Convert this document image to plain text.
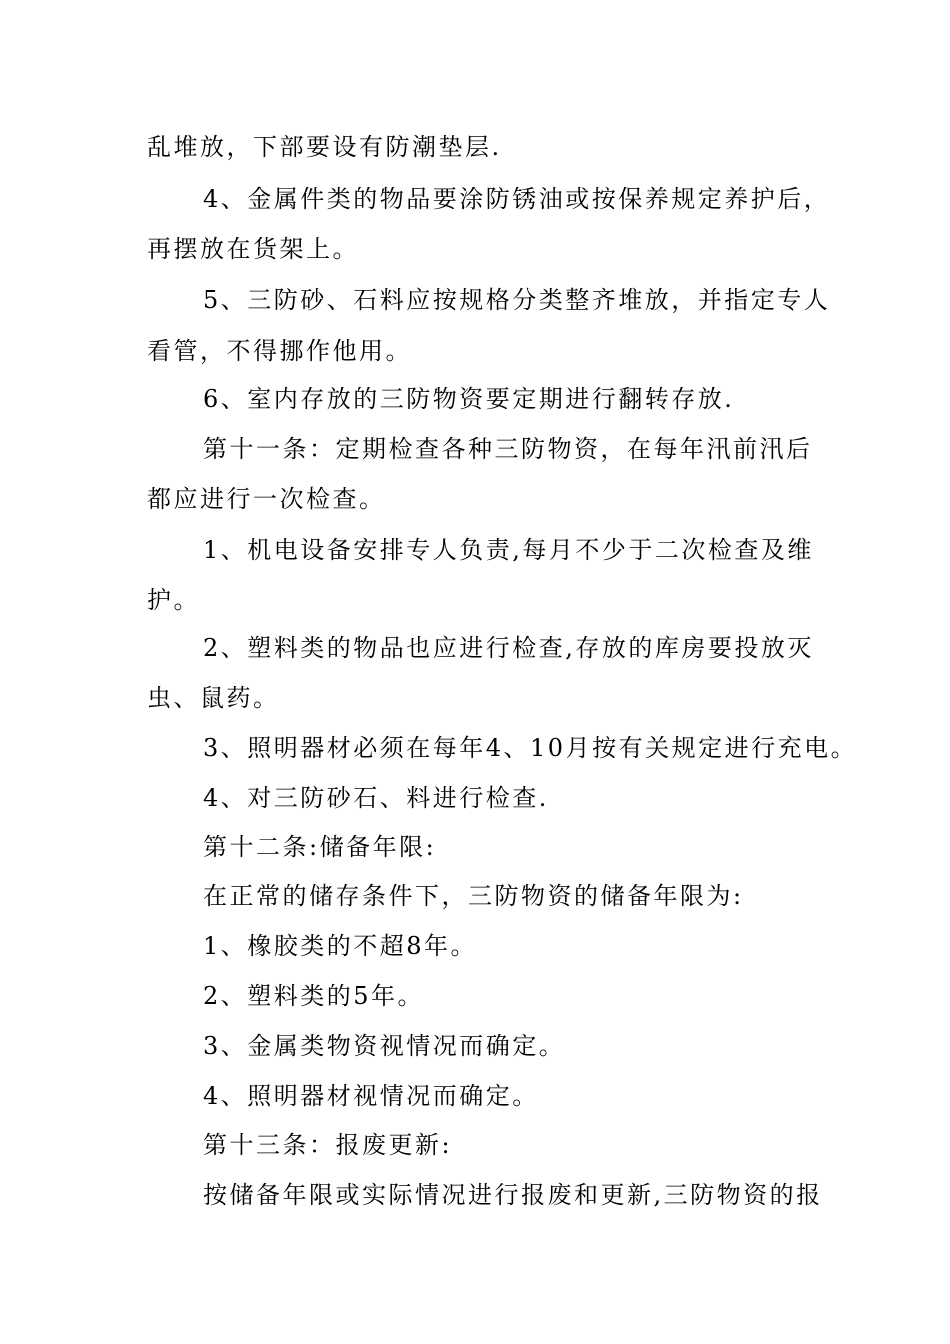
乱堆放，下部要设有防潮垫层.
4、金属件类的物品要涂防锈油或按保养规定养护后，
再摆放在货架上。
5、三防砂、石料应按规格分类整齐堆放，并指定专人
看管，不得挪作他用。
6、室内存放的三防物资要定期进行翻转存放.
第十一条：定期检查各种三防物资，在每年汛前汛后
都应进行一次检查。
1、机电设备安排专人负责,每月不少于二次检查及维
护。
2、塑料类的物品也应进行检查,存放的库房要投放灭
虫、鼠药。
3、照明器材必须在每年4、10月按有关规定进行充电。
4、对三防砂石、料进行检查.
第十二条:储备年限:
在正常的储存条件下，三防物资的储备年限为:
1、橡胶类的不超8年。
2、塑料类的5年。
3、金属类物资视情况而确定。
4、照明器材视情况而确定。
第十三条：报废更新:
按储备年限或实际情况进行报废和更新,三防物资的报
